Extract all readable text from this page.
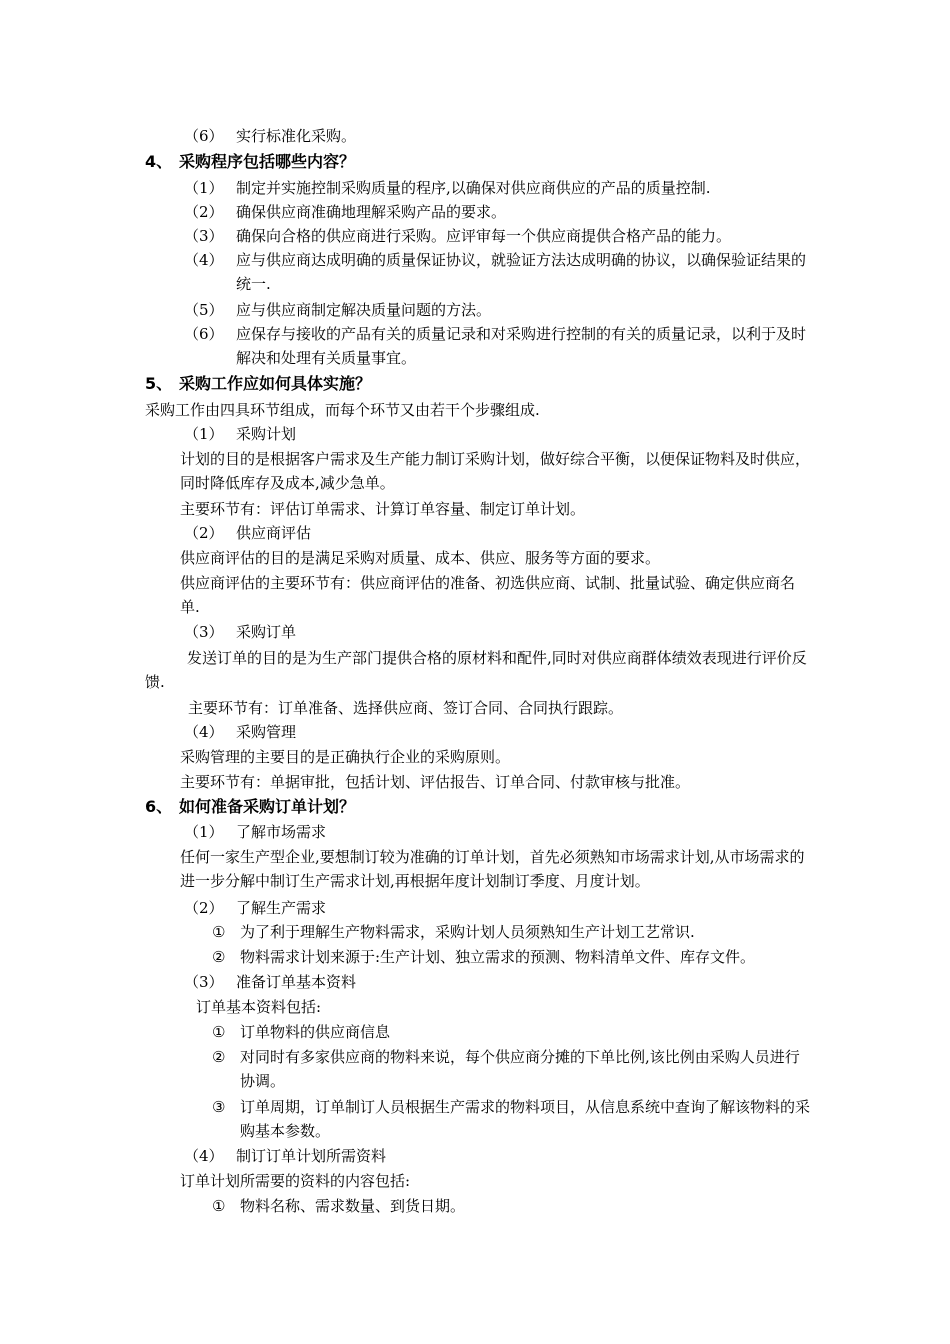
（6） 实行标准化采购。
4、 采购程序包括哪些内容？
（1） 制定并实施控制采购质量的程序,以确保对供应商供应的产品的质量控制.
（2） 确保供应商准确地理解采购产品的要求。
（3） 确保向合格的供应商进行采购。应评审每一个供应商提供合格产品的能力。
（4） 应与供应商达成明确的质量保证协议，就验证方法达成明确的协议，以确保验证结果的统一.
（5） 应与供应商制定解决质量问题的方法。
（6） 应保存与接收的产品有关的质量记录和对采购进行控制的有关的质量记录，以利于及时解决和处理有关质量事宜。
5、 采购工作应如何具体实施？
采购工作由四具环节组成，而每个环节又由若干个步骤组成.
（1） 采购计划
计划的目的是根据客户需求及生产能力制订采购计划，做好综合平衡，以便保证物料及时供应，同时降低库存及成本,减少急单。
主要环节有：评估订单需求、计算订单容量、制定订单计划。
（2） 供应商评估
供应商评估的目的是满足采购对质量、成本、供应、服务等方面的要求。
供应商评估的主要环节有：供应商评估的准备、初选供应商、试制、批量试验、确定供应商名单.
（3） 采购订单
发送订单的目的是为生产部门提供合格的原材料和配件,同时对供应商群体绩效表现进行评价反馈.
主要环节有：订单准备、选择供应商、签订合同、合同执行跟踪。
（4） 采购管理
采购管理的主要目的是正确执行企业的采购原则。
主要环节有：单据审批，包括计划、评估报告、订单合同、付款审核与批准。
6、 如何准备采购订单计划？
（1） 了解市场需求
任何一家生产型企业,要想制订较为准确的订单计划，首先必须熟知市场需求计划,从市场需求的进一步分解中制订生产需求计划,再根据年度计划制订季度、月度计划。
（2） 了解生产需求
① 为了利于理解生产物料需求，采购计划人员须熟知生产计划工艺常识.
② 物料需求计划来源于:生产计划、独立需求的预测、物料清单文件、库存文件。
（3） 准备订单基本资料
订单基本资料包括:
① 订单物料的供应商信息
② 对同时有多家供应商的物料来说，每个供应商分摊的下单比例,该比例由采购人员进行协调。
③ 订单周期，订单制订人员根据生产需求的物料项目，从信息系统中查询了解该物料的采购基本参数。
（4） 制订订单计划所需资料
订单计划所需要的资料的内容包括:
① 物料名称、需求数量、到货日期。
